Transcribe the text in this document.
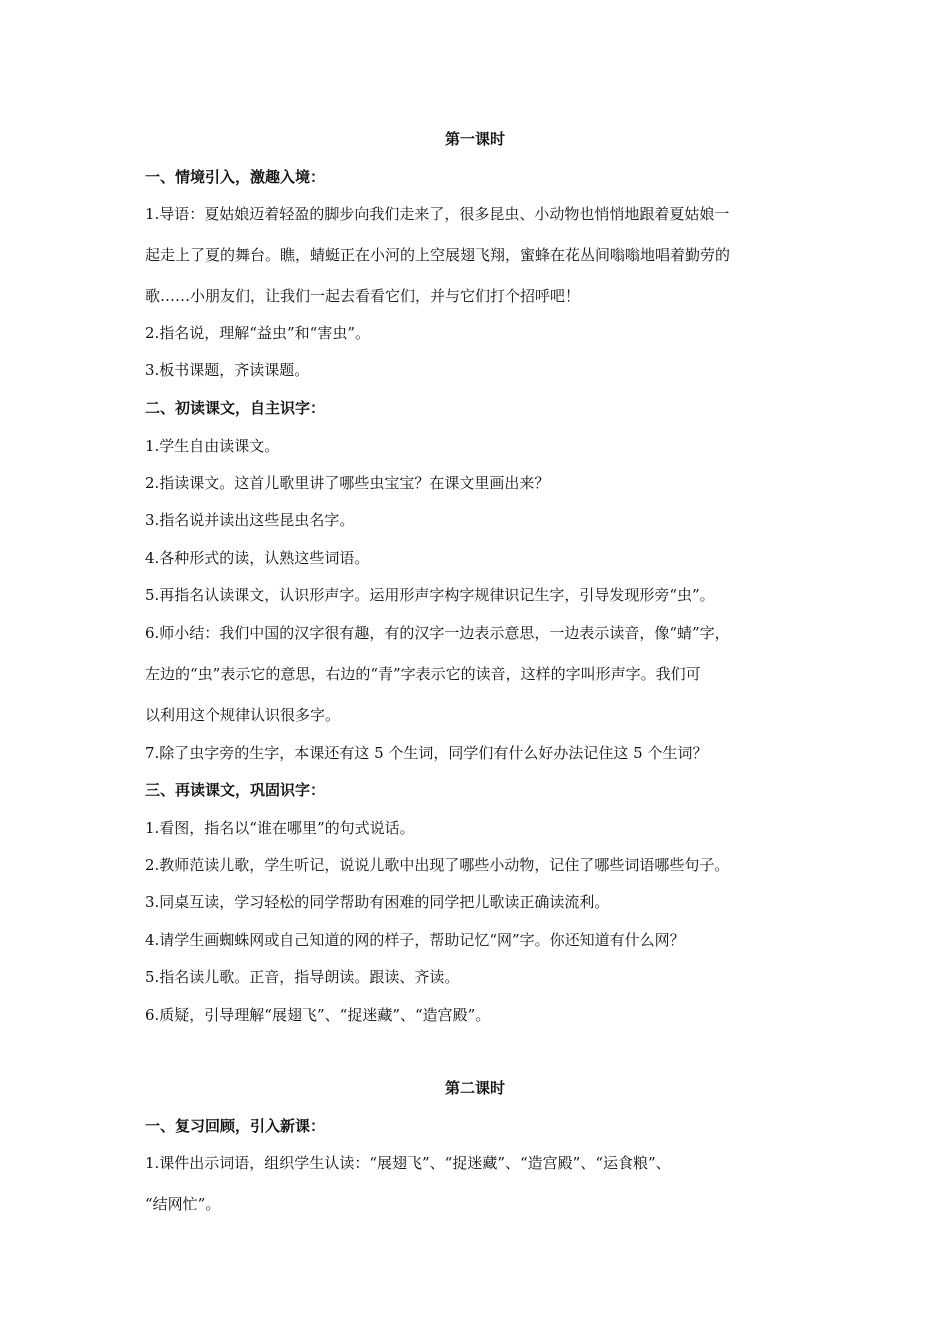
第一课时
一、情境引入，激趣入境：
1.导语：夏姑娘迈着轻盈的脚步向我们走来了，很多昆虫、小动物也悄悄地跟着夏姑娘一
起走上了夏的舞台。瞧，蜻蜓正在小河的上空展翅飞翔，蜜蜂在花丛间嗡嗡地唱着勤劳的
歌……小朋友们，让我们一起去看看它们，并与它们打个招呼吧！
2.指名说，理解“益虫”和“害虫”。
3.板书课题，齐读课题。
二、初读课文，自主识字：
1.学生自由读课文。
2.指读课文。这首儿歌里讲了哪些虫宝宝？在课文里画出来？
3.指名说并读出这些昆虫名字。
4.各种形式的读，认熟这些词语。
5.再指名认读课文，认识形声字。运用形声字构字规律识记生字，引导发现形旁“虫”。
6.师小结：我们中国的汉字很有趣，有的汉字一边表示意思，一边表示读音，像“蜻”字，
左边的“虫”表示它的意思，右边的“青”字表示它的读音，这样的字叫形声字。我们可
以利用这个规律认识很多字。
7.除了虫字旁的生字，本课还有这 5 个生词，同学们有什么好办法记住这 5 个生词？
三、再读课文，巩固识字：
1.看图，指名以“谁在哪里”的句式说话。
2.教师范读儿歌，学生听记，说说儿歌中出现了哪些小动物，记住了哪些词语哪些句子。
3.同桌互读，学习轻松的同学帮助有困难的同学把儿歌读正确读流利。
4.请学生画蜘蛛网或自己知道的网的样子，帮助记忆“网”字。你还知道有什么网？
5.指名读儿歌。正音，指导朗读。跟读、齐读。
6.质疑，引导理解“展翅飞”、“捉迷藏”、“造宫殿”。
第二课时
一、复习回顾，引入新课：
1.课件出示词语，组织学生认读：“展翅飞”、“捉迷藏”、“造宫殿”、“运食粮”、
“结网忙”。
